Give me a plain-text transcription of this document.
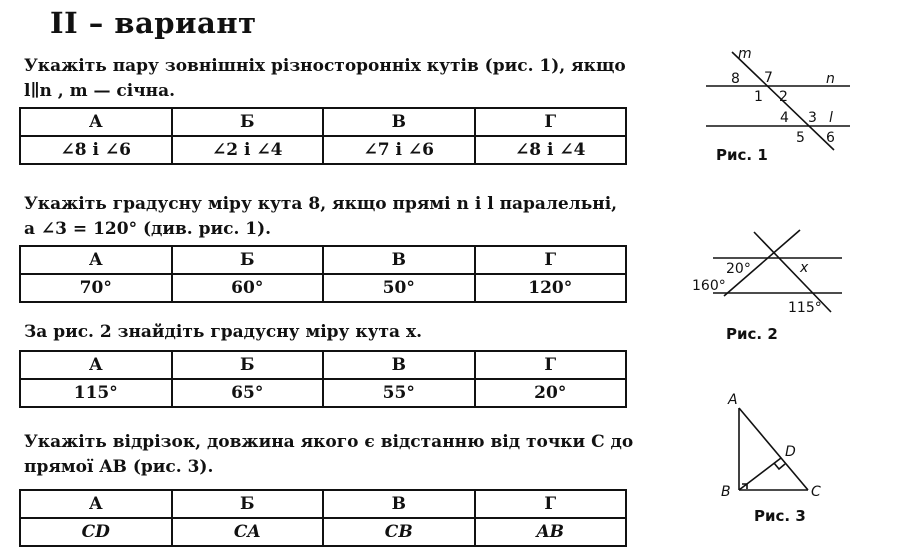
II – вариант
Укажіть пару зовнішніх різносторонніх кутів (рис. 1), якщо
l∥n , m — січна.
А	Б	В	Г
∠8 і ∠6	∠2 і ∠4	∠7 і ∠6	∠8 і ∠4
Укажіть градусну міру кута 8, якщо прямі n і l паралельні,
а ∠3 = 120° (див. рис. 1).
А	Б	В	Г
70°	60°	50°	120°
За рис. 2 знайдіть градусну міру кута x.
А	Б	В	Г
115°	65°	55°	20°
Укажіть відрізок, довжина якого є відстанню від точки C до
прямої AB (рис. 3).
А	Б	В	Г
CD	CA	CB	AB
m
n
l
8 7
1 2
4 3
5 6
Рис. 1
20°	x
160°
115°
Рис. 2
A
D
B	C
Рис. 3
